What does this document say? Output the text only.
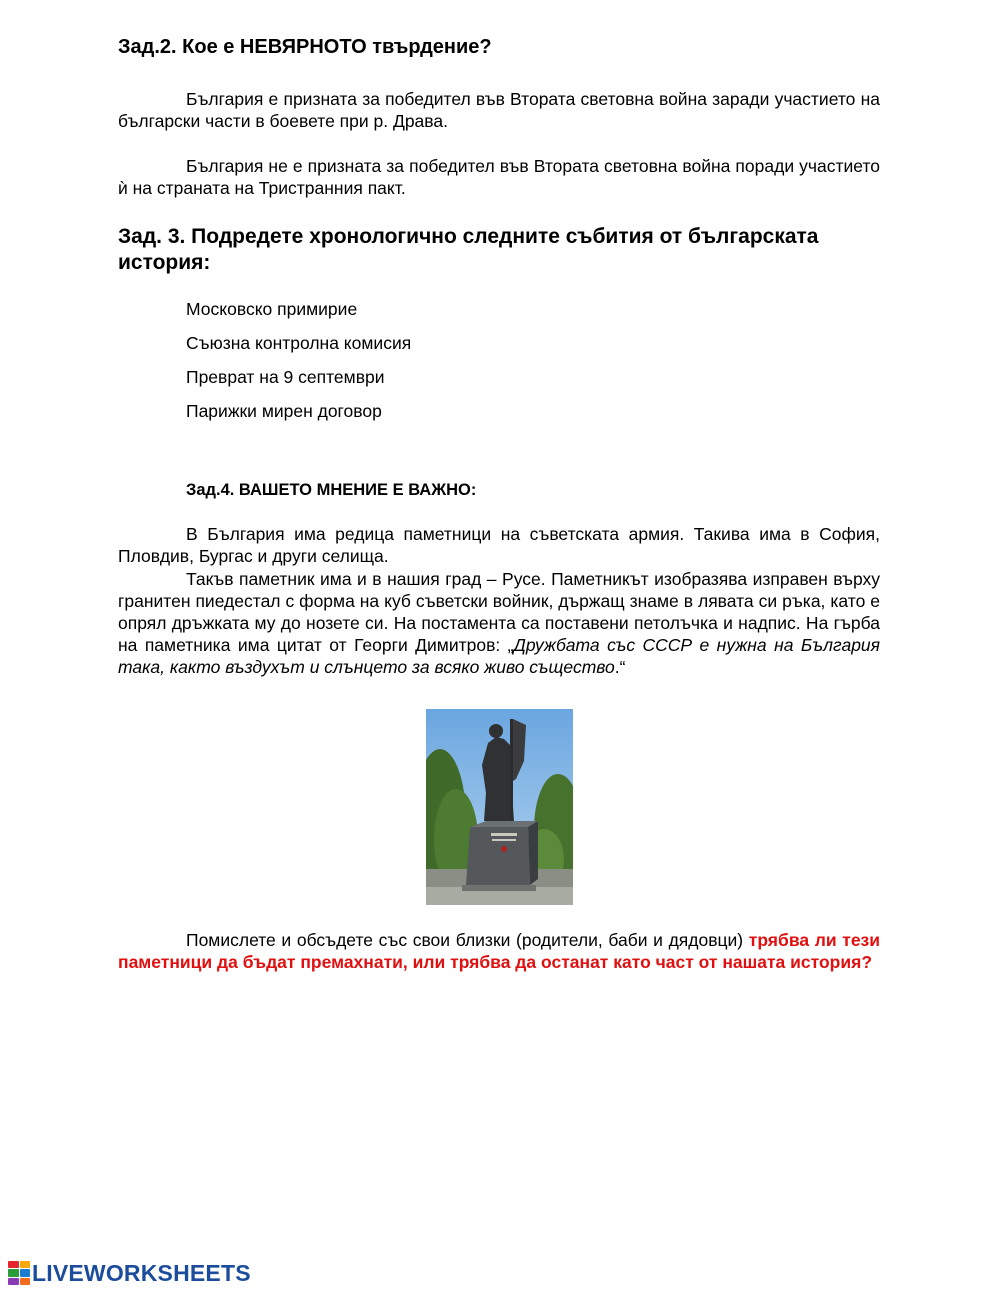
Зад.2. Кое е НЕВЯРНОТО твърдение?
България е призната за победител във Втората световна война заради участието на български части в боевете при р. Драва.
България не е призната за победител във Втората световна война поради участието ѝ на страната на Тристранния пакт.
Зад. 3. Подредете хронологично следните събития от българската история:
Московско примирие
Съюзна контролна комисия
Преврат на 9 септември
Парижки мирен договор
Зад.4. ВАШЕТО МНЕНИЕ Е ВАЖНО:
В България има редица паметници на съветската армия. Такива има в София, Пловдив, Бургас и други селища.
Такъв паметник има и в нашия град – Русе. Паметникът изобразява изправен върху гранитен пиедестал с форма на куб съветски войник, държащ знаме в лявата си ръка, като е опрял дръжката му до нозете си. На постамента са поставени петолъчка и надпис. На гърба на паметника има цитат от Георги Димитров: „Дружбата със СССР е нужна на България така, както въздухът и слънцето за всяко живо същество.“
Помислете и обсъдете със свои близки (родители, баби и дядовци) трябва ли тези паметници да бъдат премахнати, или трябва да останат като част от нашата история?
LIVEWORKSHEETS
